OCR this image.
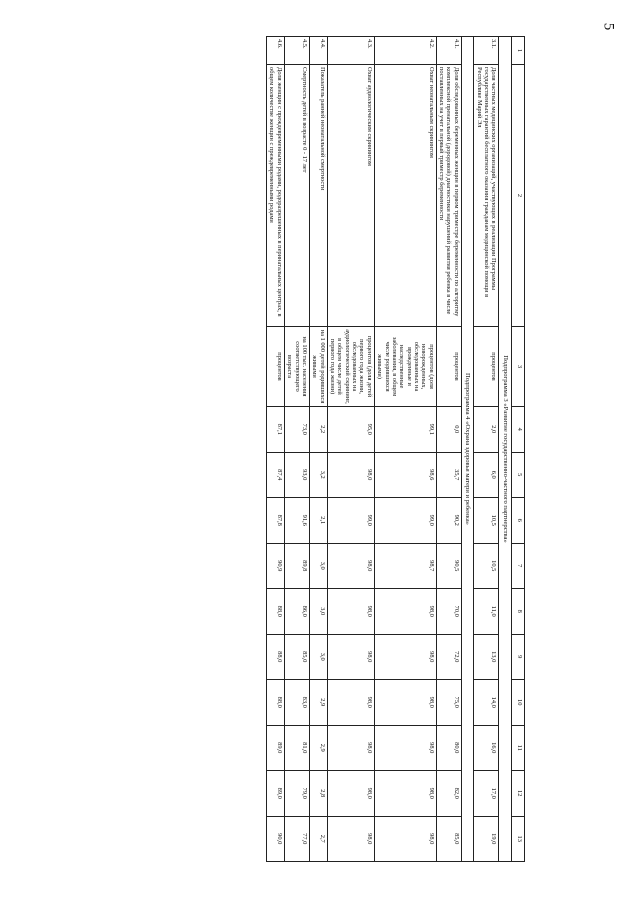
5
1	2	3	4	5	6	7	8	9	10	11	12	13
Подпрограмма 3 «Развитие государственно-частного партнерства»												
3.1.	Доля частных медицинских организаций, участвующих в реализации Программы государственных гарантий бесплатного оказания гражданам медицинской помощи в Республике Марий Эл	процентов	2,0	6,0	10,5	10,5	11,0	13,0	14,0	16,0	17,0	19,0
Подпрограмма 4 «Охрана здоровья матери и ребенка»												
4.1.	Доля обследованных беременных женщин в первом триместре беременности по алгоритму комплексной пренатальной (дородовой) диагностики нарушений развития ребенка в числе поставленных на учет в первый триместр беременности	процентов	0,0	35,7	90,2	90,5	70,0	72,0	75,0	80,0	82,0	85,0
4.2.	Охват неонатальным скринингом	процентов (доля новорожденных, обследованных на врожденные и наследственные заболевания, в общем числе родившихся живыми)	99,1	98,6	99,0	98,7	98,0	98,0	98,0	98,0	98,0	98,0
4.3.	Охват аудиологическим скринингом	процентов (доля детей первого года жизни, обследованных на аудиологический скрининг, в общем числе детей первого года жизни)	95,0	98,0	99,0	98,0	98,0	98,0	98,0	98,0	98,0	98,0
4.4.	Показатель ранней неонатальной смертности	на 1 000 детей родившихся живыми	2,2	3,2	2,1	3,0	3,0	3,0	2,9	2,9	2,8	2,7
4.5.	Смертность детей в возрасте 0 - 17 лет	на 100 тыс. населения соответствующего возраста	73,0	93,0	91,6	89,8	86,0	85,0	83,0	81,0	79,0	77,0
4.6.	Доля женщин с преждевременными родами, родоразрешенных в перинатальных центрах, в общем количестве женщин с преждевременными родами	процентов	87,1	87,4	87,8	90,9	88,0	88,0	88,0	89,0	89,0	90,0
